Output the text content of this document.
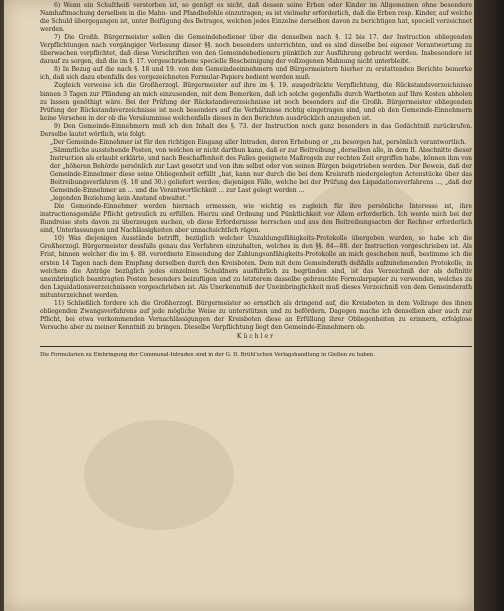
6) Wenn ein Schultheiß verstorben ist, so genügt es nicht, daß dessen seine Erben oder Kinder im Allgemeinen ohne besondere Namhaftmachung derselben in die Mahn- und Pfandbefehle einzutragen; es ist vielmehr erforderlich, daß die Erben resp. Kinder, auf welche die Schuld übergegangen ist, unter Beifügung des Betrages, welchen jedes Einzelne derselben davon zu berichtigen hat, speciell vorzeichnet werden.

7) Die Großh. Bürgermeister sollen die Gemeindebediener über die denselben nach §. 12 bis 17. der Instruction obliegenden Verpflichtungen nach vorgängiger Verlesung dieser §§. noch besonders unterrichten, und es sind dieselbe bei eigener Verantwortung zu überwachen verpflichtet, daß diese Vorschriften von den Gemeindebedienern pünktlich zur Ausführung gebracht werden. Insbesondere ist darauf zu sorgen, daß die im §. 17. vorgeschriebene specielle Bescheinigung der vollzogenen Mahnung nicht unterbleibt.

8) In Bezug auf die nach §. 18 und 19. von den Gemeindeeinnehmern und Bürgermeistern hierher zu erstattenden Berichte bemerke ich, daß sich dazu ebenfalls des vorgezeichneten Formular-Papiers bedient werden muß.

Zugleich verweise ich die Großherzogl. Bürgermeister auf ihre im §. 19. ausgedrückte Verpflichtung, die Rückstandsverzeichnisse binnen 3 Tagen zur Pfändung an mich einzusenden, mit dem Bemerken, daß ich solche gegenfalls durch Wartboten auf Ihre Kosten abholen zu lassen genöthigt wäre. Bei der Prüfung der Rückstandsverzeichnisse ist noch besonders auf die Großh. Bürgermeister obliegenden Prüfung der Rückstandsverzeichnisse ist noch besonders auf die Verhältnisse richtig eingetragen sind, und ob den Gemeinde-Einnehmern keine Versehen in der ob die Versäumnisse welchenfalls dieses in den Berichten ausdrücklich anzugeben ist.

9) Den Gemeinde-Einnehmern muß ich den Inhalt des §. 73. der Instruction noch ganz besonders in das Gedächtniß zurückrufen. Derselbe lautet wörtlich, wie folgt:

„Der Gemeinde-Einnehmer ist für den richtigen Eingang aller Intraden, deren Erhebung er „zu besorgen hat, persönlich verantwortlich.

„Sämmtliche ausstehende Posten, von welchen er nicht darthun kann, daß er zur Beitreibung „derselben alle, in dem II. Abschnitte dieser Instruction als erlaubt erklärte, und nach Beschaffenheit des Falles geeignete Maßregeln zur rechten Zeit ergriffen habe, können ihm von der „höheren Behörde persönlich zur Last gesetzt und von ihm selbst oder von seinen Bürgen beigetrieben werden. Der Beweis, daß der Gemeinde-Einnehmer diese seine Obliegenheit erfüllt „hat, kann nur durch die bei dem Kreisrath niedergelegten Actenstücke über das Beitreibungsverfahren (§. 18 und 30.) geliefert werden; diejenigen Fälle, welche bei der Prüfung des Liquidationsverfahrens ..., „daß der Gemeinde-Einnehmer an ... und die Verantwortlichkeit ... zur Last gelegt werden ...

„legenden Beziehung kein Anstand obwaltet.“

Die Gemeinde-Einnehmer werden hiernach ermessen, wie wichtig es zugleich für ihre persönliche Interesse ist, ihre instructionsgemäße Pflicht getreulich zu erfüllen. Hierzu sind Ordnung und Pünktlichkeit vor Allem erforderlich. Ich werde mich bei der Rundreise stets davon zu überzeugen suchen, ob diese Erfordernisse herrschen und aus den Beitreibungsacten der Rechner erforderlich sind, Unterlassungen und Nachlässigkeiten aber unnachsichtlich rügen.

10) Was diejenigen Ausstände betrifft, bezüglich welcher Unzahlungsfähigkeits-Protokolle übergeben wurden, so habe ich die Großherzogl. Bürgermeister dessfalls genau das Verfahren einzuhalten, welches in den §§. 84—88. der Instruction vorgeschrieben ist. Als Frist, binnen welcher die im §. 88. verordnete Einsendung der Zahlungsunfähigkeits-Protokolle an mich geschehen muß, bestimme ich die ersten 14 Tagen nach dem Empfang derselben durch den Kreisboten. Dem mit dem Gemeinderath deßfalls aufzunehmenden Protokolle, in welchem die Anträge bezüglich jedes einzelnen Schuldners ausführlich zu begründen sind, ist das Verzeichniß der als definitiv uneinbringlich beantragten Posten besonders beizufügen und zu letzterem dasselbe gebrauchte Formularpapier zu verwenden, welches zu den Liquidationsverzeichnissen vorgeschrieben ist. Als Unerkenntniß der Uneinbringlichkeit muß dieses Verzeichniß von dem Gemeinderath mitunterzeichnet werden.

11) Schließlich fordere ich die Großherzogl. Bürgermeister so ernstlich als dringend auf, die Kreisboten in dem Vollzuge des ihnen obliegenden Zwangsverfahrens auf jede mögliche Weise zu unterstützen und zu befördern. Dagegen mache ich denselben aber auch zur Pflicht, bei etwa vorkommenden Vernachlässigungen der Kreisboten diese an Erfüllung ihrer Obliegenheiten zu erinnern, erfolglose Versuche aber zu meiner Kenntniß zu bringen. Dieselbe Verpflichtung liegt den Gemeinde-Einnehmern ob.

Küchler

Die Formularien zu Einbringung der Communal-Intraden sind in der G. D. Brühl'schen Verlagshandlung in Gießen zu haben.
